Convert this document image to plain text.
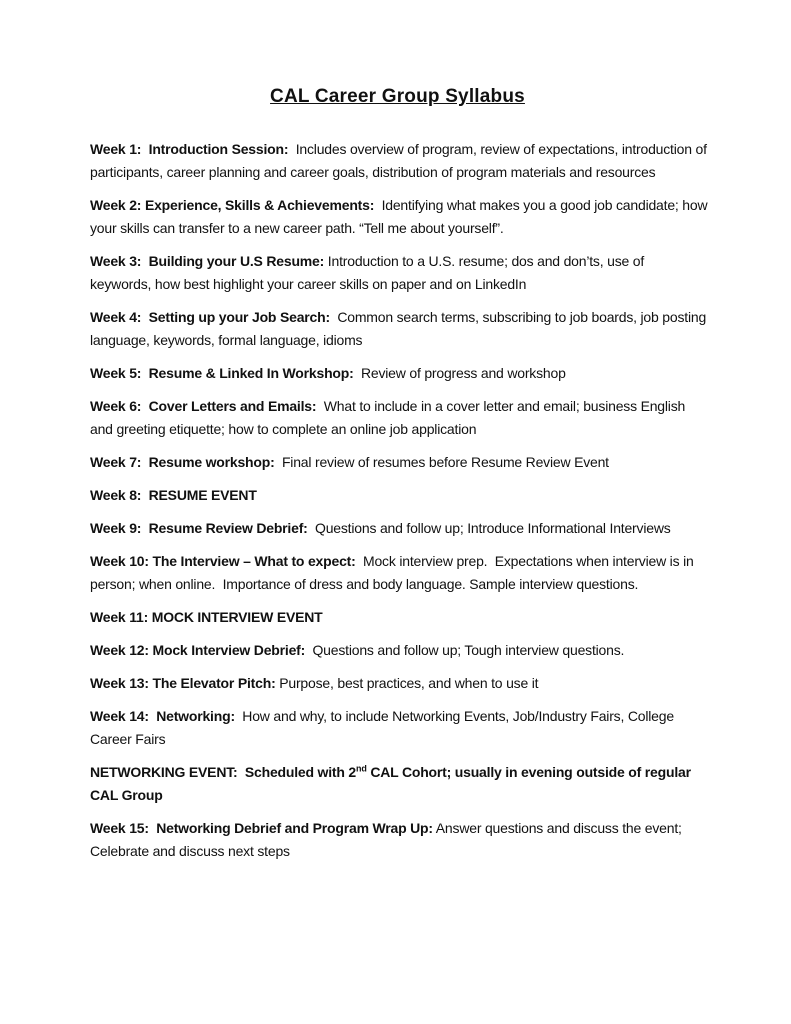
CAL Career Group Syllabus

Week 1:  Introduction Session:  Includes overview of program, review of expectations, introduction of participants, career planning and career goals, distribution of program materials and resources

Week 2: Experience, Skills & Achievements:  Identifying what makes you a good job candidate; how your skills can transfer to a new career path. “Tell me about yourself”.

Week 3:  Building your U.S Resume: Introduction to a U.S. resume; dos and don’ts, use of keywords, how best highlight your career skills on paper and on LinkedIn

Week 4:  Setting up your Job Search:  Common search terms, subscribing to job boards, job posting language, keywords, formal language, idioms

Week 5:  Resume & Linked In Workshop:  Review of progress and workshop

Week 6:  Cover Letters and Emails:  What to include in a cover letter and email; business English and greeting etiquette; how to complete an online job application

Week 7:  Resume workshop:  Final review of resumes before Resume Review Event

Week 8:  RESUME EVENT

Week 9:  Resume Review Debrief:  Questions and follow up; Introduce Informational Interviews

Week 10: The Interview – What to expect:  Mock interview prep.  Expectations when interview is in person; when online.  Importance of dress and body language. Sample interview questions.

Week 11: MOCK INTERVIEW EVENT

Week 12: Mock Interview Debrief:  Questions and follow up; Tough interview questions.

Week 13: The Elevator Pitch: Purpose, best practices, and when to use it

Week 14:  Networking:  How and why, to include Networking Events, Job/Industry Fairs, College Career Fairs

NETWORKING EVENT:  Scheduled with 2nd CAL Cohort; usually in evening outside of regular CAL Group

Week 15:  Networking Debrief and Program Wrap Up: Answer questions and discuss the event; Celebrate and discuss next steps
